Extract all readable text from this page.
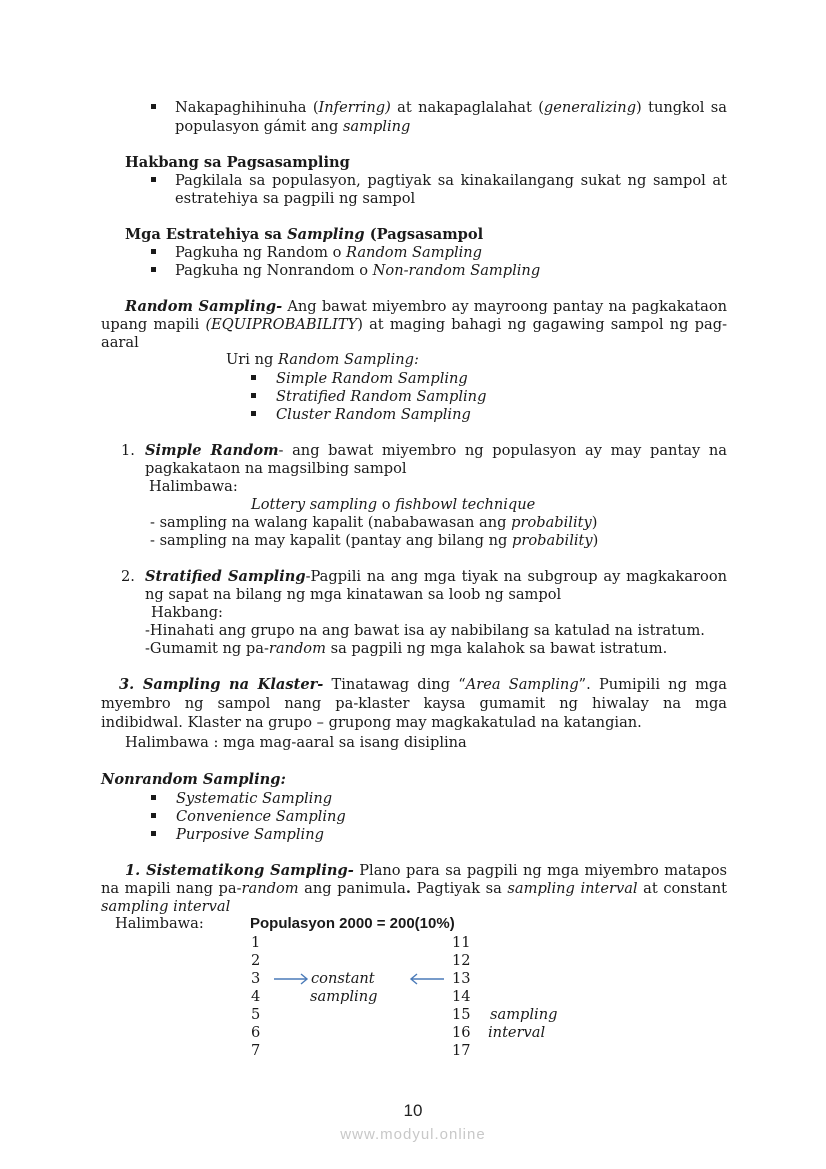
Nakapaghihinuha (Inferring) at nakapaglalahat (generalizing) tungkol sa
populasyon gámit ang sampling
Hakbang sa Pagsasampling
Pagkilala sa populasyon, pagtiyak sa kinakailangang sukat ng sampol at
estratehiya sa pagpili ng sampol
Mga Estratehiya sa Sampling (Pagsasampol
Pagkuha ng Random o Random Sampling
Pagkuha ng Nonrandom o Non-random Sampling
Random Sampling- Ang bawat miyembro ay mayroong pantay na pagkakataon
upang mapili (EQUIPROBABILITY) at maging bahagi ng gagawing sampol ng pag-
aaral
Uri ng Random Sampling:
Simple Random Sampling
Stratified Random Sampling
Cluster Random Sampling
1. Simple Random- ang bawat miyembro ng populasyon ay may pantay na
pagkakataon na magsilbing sampol
Halimbawa:
Lottery sampling o fishbowl technique
- sampling na walang kapalit (nababawasan ang probability)
- sampling na may kapalit (pantay ang bilang ng probability)
2. Stratified Sampling-Pagpili na ang mga tiyak na subgroup ay magkakaroon
ng sapat na bilang ng mga kinatawan sa loob ng sampol
Hakbang:
-Hinahati ang grupo na ang bawat isa ay nabibilang sa katulad na istratum.
-Gumamit ng pa-random sa pagpili ng mga kalahok sa bawat istratum.
3. Sampling na Klaster- Tinatawag ding “Area Sampling”. Pumipili ng mga
myembro ng sampol nang pa-klaster kaysa gumamit ng hiwalay na mga
indibidwal. Klaster na grupo – grupong may magkakatulad na katangian.
Halimbawa : mga mag-aaral sa isang disiplina
Nonrandom Sampling:
Systematic Sampling
Convenience Sampling
Purposive Sampling
1. Sistematikong Sampling- Plano para sa pagpili ng mga miyembro matapos
na mapili nang pa-random ang panimula. Pagtiyak sa sampling interval at constant
sampling interval
Halimbawa:	Populasyon 2000 = 200(10%)
1
2
3
4
5
6
7
11
12
13
14
15
16
17
constant
sampling
sampling
interval
10
www.modyul.online
